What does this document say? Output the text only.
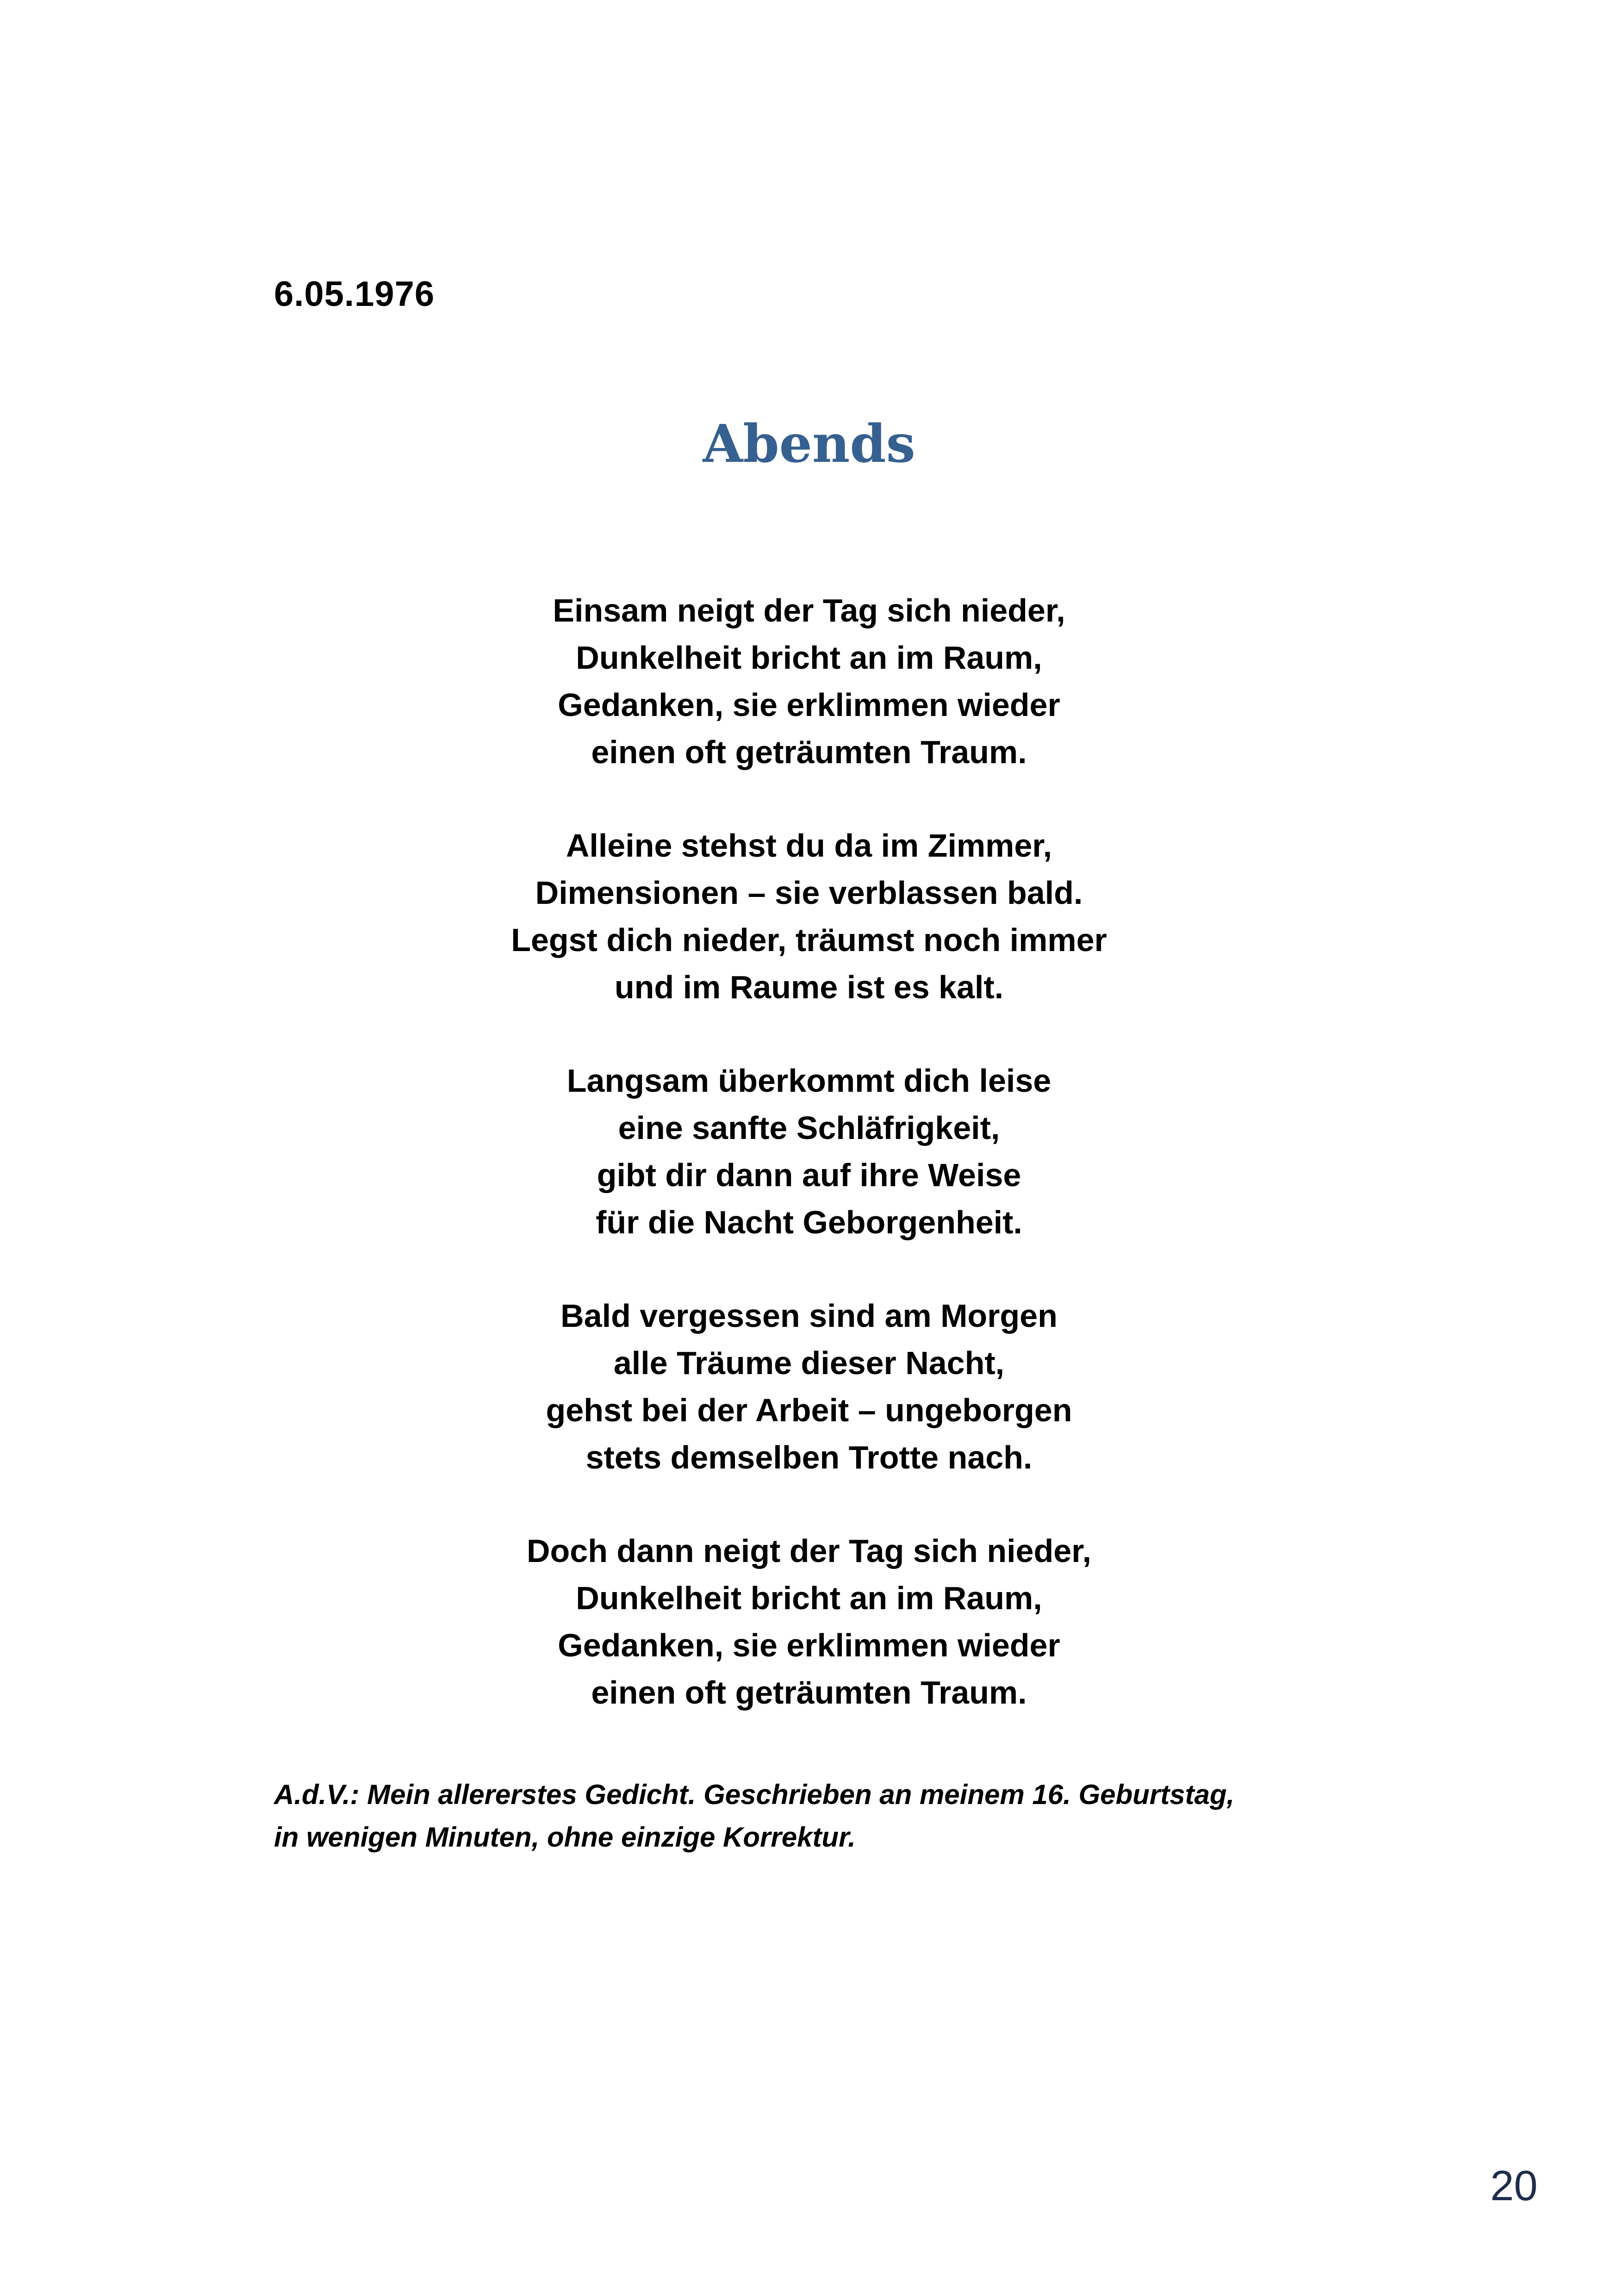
6.05.1976

Abends
Einsam neigt der Tag sich nieder,
Dunkelheit bricht an im Raum,
Gedanken, sie erklimmen wieder
einen oft geträumten Traum.
Alleine stehst du da im Zimmer,
Dimensionen – sie verblassen bald.
Legst dich nieder, träumst noch immer
und im Raume ist es kalt.
Langsam überkommt dich leise
eine sanfte Schläfrigkeit,
gibt dir dann auf ihre Weise
für die Nacht Geborgenheit.
Bald vergessen sind am Morgen
alle Träume dieser Nacht,
gehst bei der Arbeit – ungeborgen
stets demselben Trotte nach.
Doch dann neigt der Tag sich nieder,
Dunkelheit bricht an im Raum,
Gedanken, sie erklimmen wieder
einen oft geträumten Traum.

A.d.V.: Mein allererstes Gedicht. Geschrieben an meinem 16. Geburtstag,
in wenigen Minuten, ohne einzige Korrektur.

20
